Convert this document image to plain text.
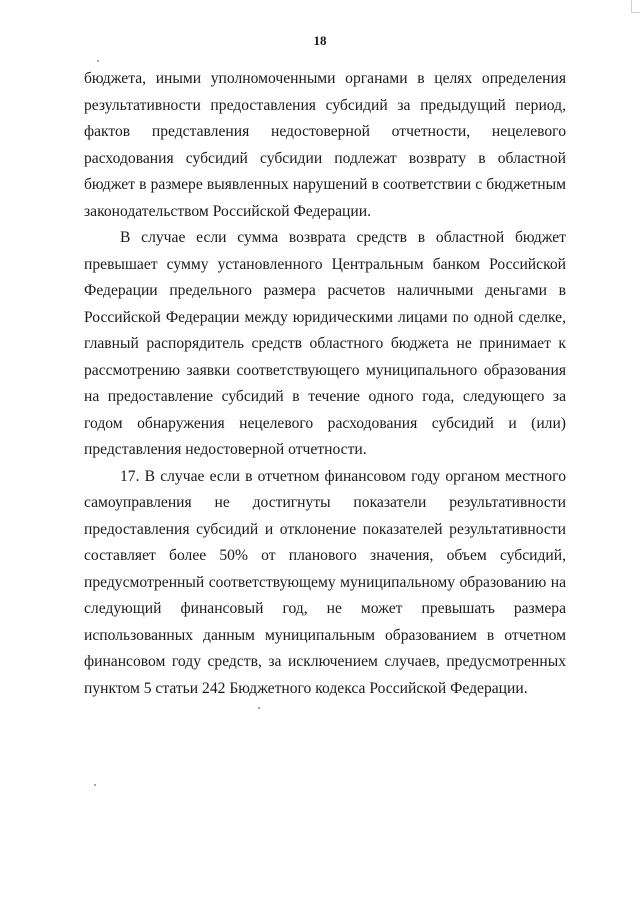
18

бюджета, иными уполномоченными органами в целях определения результативности предоставления субсидий за предыдущий период, фактов представления недостоверной отчетности, нецелевого расходования субсидий субсидии подлежат возврату в областной бюджет в размере выявленных нарушений в соответствии с бюджетным законодательством Российской Федерации.

В случае если сумма возврата средств в областной бюджет превышает сумму установленного Центральным банком Российской Федерации предельного размера расчетов наличными деньгами в Российской Федерации между юридическими лицами по одной сделке, главный распорядитель средств областного бюджета не принимает к рассмотрению заявки соответствующего муниципального образования на предоставление субсидий в течение одного года, следующего за годом обнаружения нецелевого расходования субсидий и (или) представления недостоверной отчетности.

17. В случае если в отчетном финансовом году органом местного самоуправления не достигнуты показатели результативности предоставления субсидий и отклонение показателей результативности составляет более 50% от планового значения, объем субсидий, предусмотренный соответствующему муниципальному образованию на следующий финансовый год, не может превышать размера использованных данным муниципальным образованием в отчетном финансовом году средств, за исключением случаев, предусмотренных пунктом 5 статьи 242 Бюджетного кодекса Российской Федерации.
